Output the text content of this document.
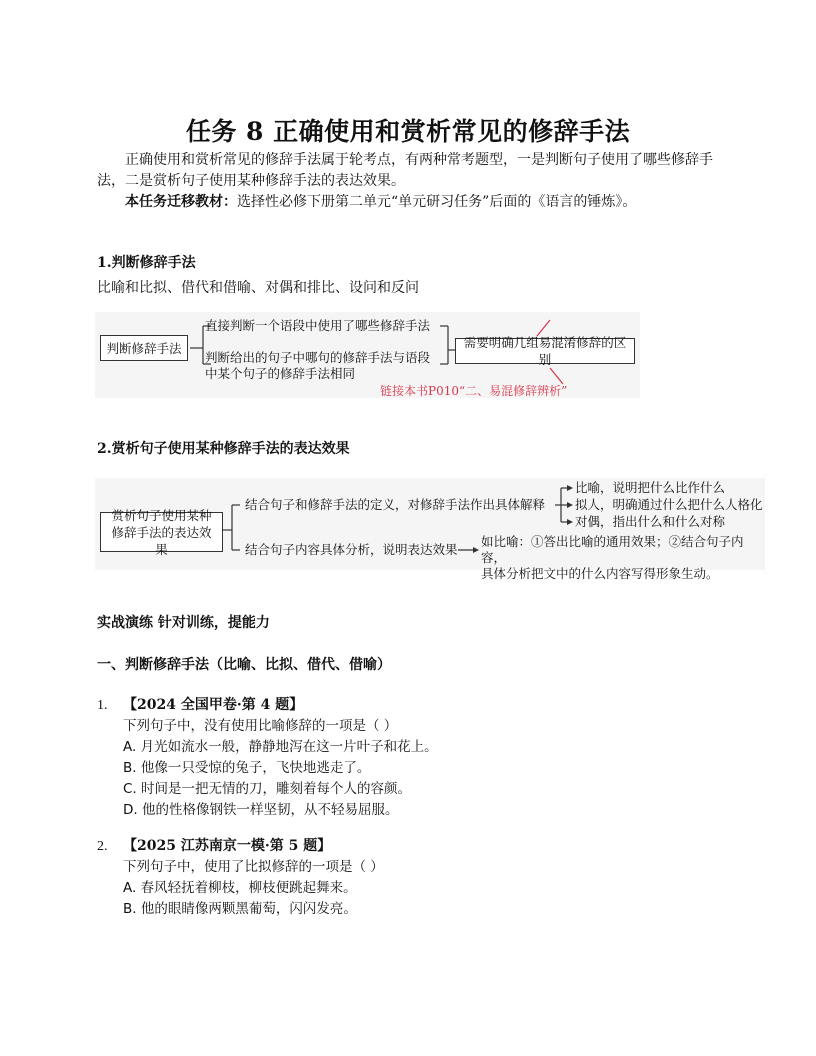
任务 8 正确使用和赏析常见的修辞手法
正确使用和赏析常见的修辞手法属于轮考点，有两种常考题型，一是判断句子使用了哪些修辞手法，二是赏析句子使用某种修辞手法的表达效果。
本任务迁移教材：选择性必修下册第二单元“单元研习任务”后面的《语言的锤炼》。
1.判断修辞手法
比喻和比拟、借代和借喻、对偶和排比、设问和反问
判断修辞手法
直接判断一个语段中使用了哪些修辞手法
判断给出的句子中哪句的修辞手法与语段
中某个句子的修辞手法相同
需要明确几组易混淆修辞的区别
链接本书P010“二、易混修辞辨析”
2.赏析句子使用某种修辞手法的表达效果
赏析句子使用某种
修辞手法的表达效果
结合句子和修辞手法的定义，对修辞手法作出具体解释
比喻，说明把什么比作什么
拟人，明确通过什么把什么人格化
对偶，指出什么和什么对称
结合句子内容具体分析，说明表达效果
如比喻：①答出比喻的通用效果；②结合句子内容，
具体分析把文中的什么内容写得形象生动。
实战演练 针对训练，提能力
一、判断修辞手法（比喻、比拟、借代、借喻）
1. 【2024 全国甲卷·第 4 题】
下列句子中，没有使用比喻修辞的一项是（ ）
A. 月光如流水一般，静静地泻在这一片叶子和花上。
B. 他像一只受惊的兔子，飞快地逃走了。
C. 时间是一把无情的刀，雕刻着每个人的容颜。
D. 他的性格像钢铁一样坚韧，从不轻易屈服。
2. 【2025 江苏南京一模·第 5 题】
下列句子中，使用了比拟修辞的一项是（ ）
A. 春风轻抚着柳枝，柳枝便跳起舞来。
B. 他的眼睛像两颗黑葡萄，闪闪发亮。
